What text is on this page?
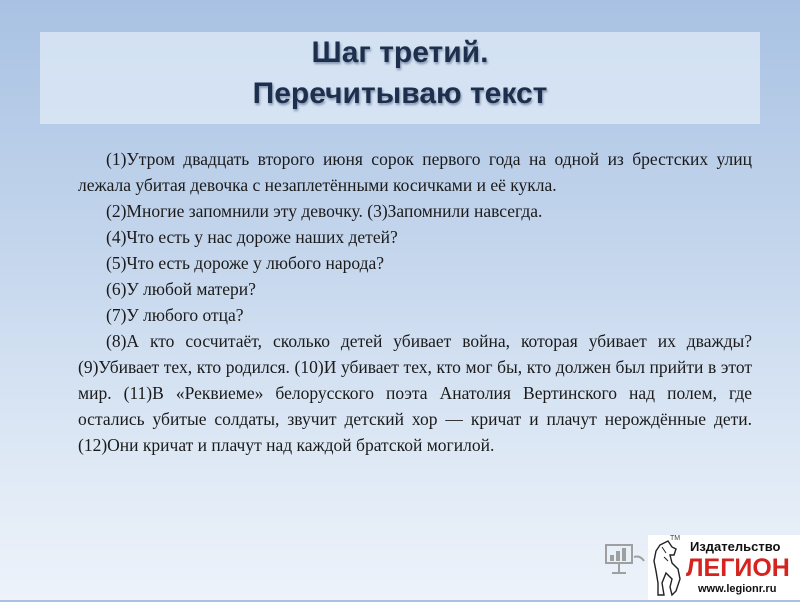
Шаг третий.
Перечитываю текст

(1)Утром двадцать второго июня сорок первого года на одной из брестских улиц лежала убитая девочка с незаплетёнными косичками и её кукла.

(2)Многие запомнили эту девочку. (3)Запомнили навсегда.

(4)Что есть у нас дороже наших детей?

(5)Что есть дороже у любого народа?

(6)У любой матери?

(7)У любого отца?

(8)А кто сосчитаёт, сколько детей убивает война, которая убивает их дважды? (9)Убивает тех, кто родился. (10)И убивает тех, кто мог бы, кто должен был прийти в этот мир. (11)В «Реквиеме» белорусского поэта Анатолия Вертинского над полем, где остались убитые солдаты, звучит детский хор — кричат и плачут нерождённые дети. (12)Они кричат и плачут над каждой братской могилой.

TM
Издательство
ЛЕГИОН
www.legionr.ru
